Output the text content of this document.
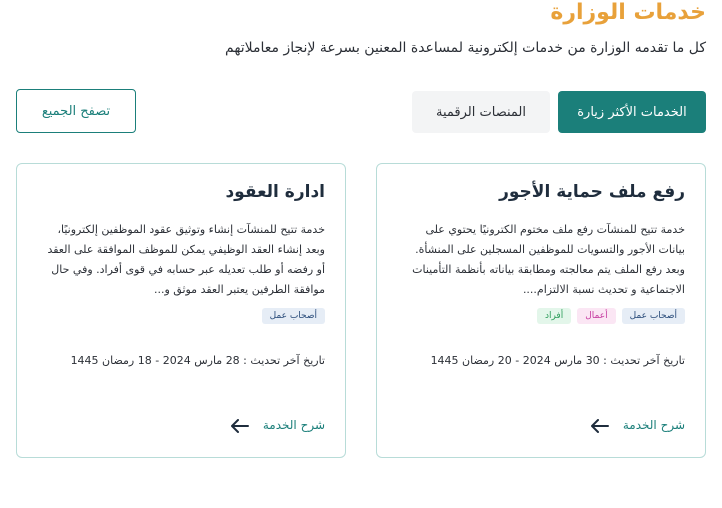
خدمات الوزارة
كل ما تقدمه الوزارة من خدمات إلكترونية لمساعدة المعنين بسرعة لإنجاز معاملاتهم
الخدمات الأكثر زيارة
المنصات الرقمية
تصفح الجميع
رفع ملف حماية الأجور
خدمة تتيح للمنشآت رفع ملف مختوم الكترونيًا يحتوي على بيانات الأجور والتسويات للموظفين المسجلين على المنشأة. وبعد رفع الملف يتم معالجته ومطابقة بياناته بأنظمة التأمينات الاجتماعية و تحديث نسبة الالتزام....
أصحاب عمل
أعمال
أفراد
تاريخ آخر تحديث : 30 مارس 2024 - 20 رمضان 1445
شرح الخدمة
ادارة العقود
خدمة تتيح للمنشآت إنشاء وتوثيق عقود الموظفين إلكترونيًا، وبعد إنشاء العقد الوظيفي يمكن للموظف الموافقة على العقد أو رفضه أو طلب تعديله عبر حسابه في قوى أفراد. وفي حال موافقة الطرفين يعتبر العقد موثق و...
أصحاب عمل
تاريخ آخر تحديث : 28 مارس 2024 - 18 رمضان 1445
شرح الخدمة
